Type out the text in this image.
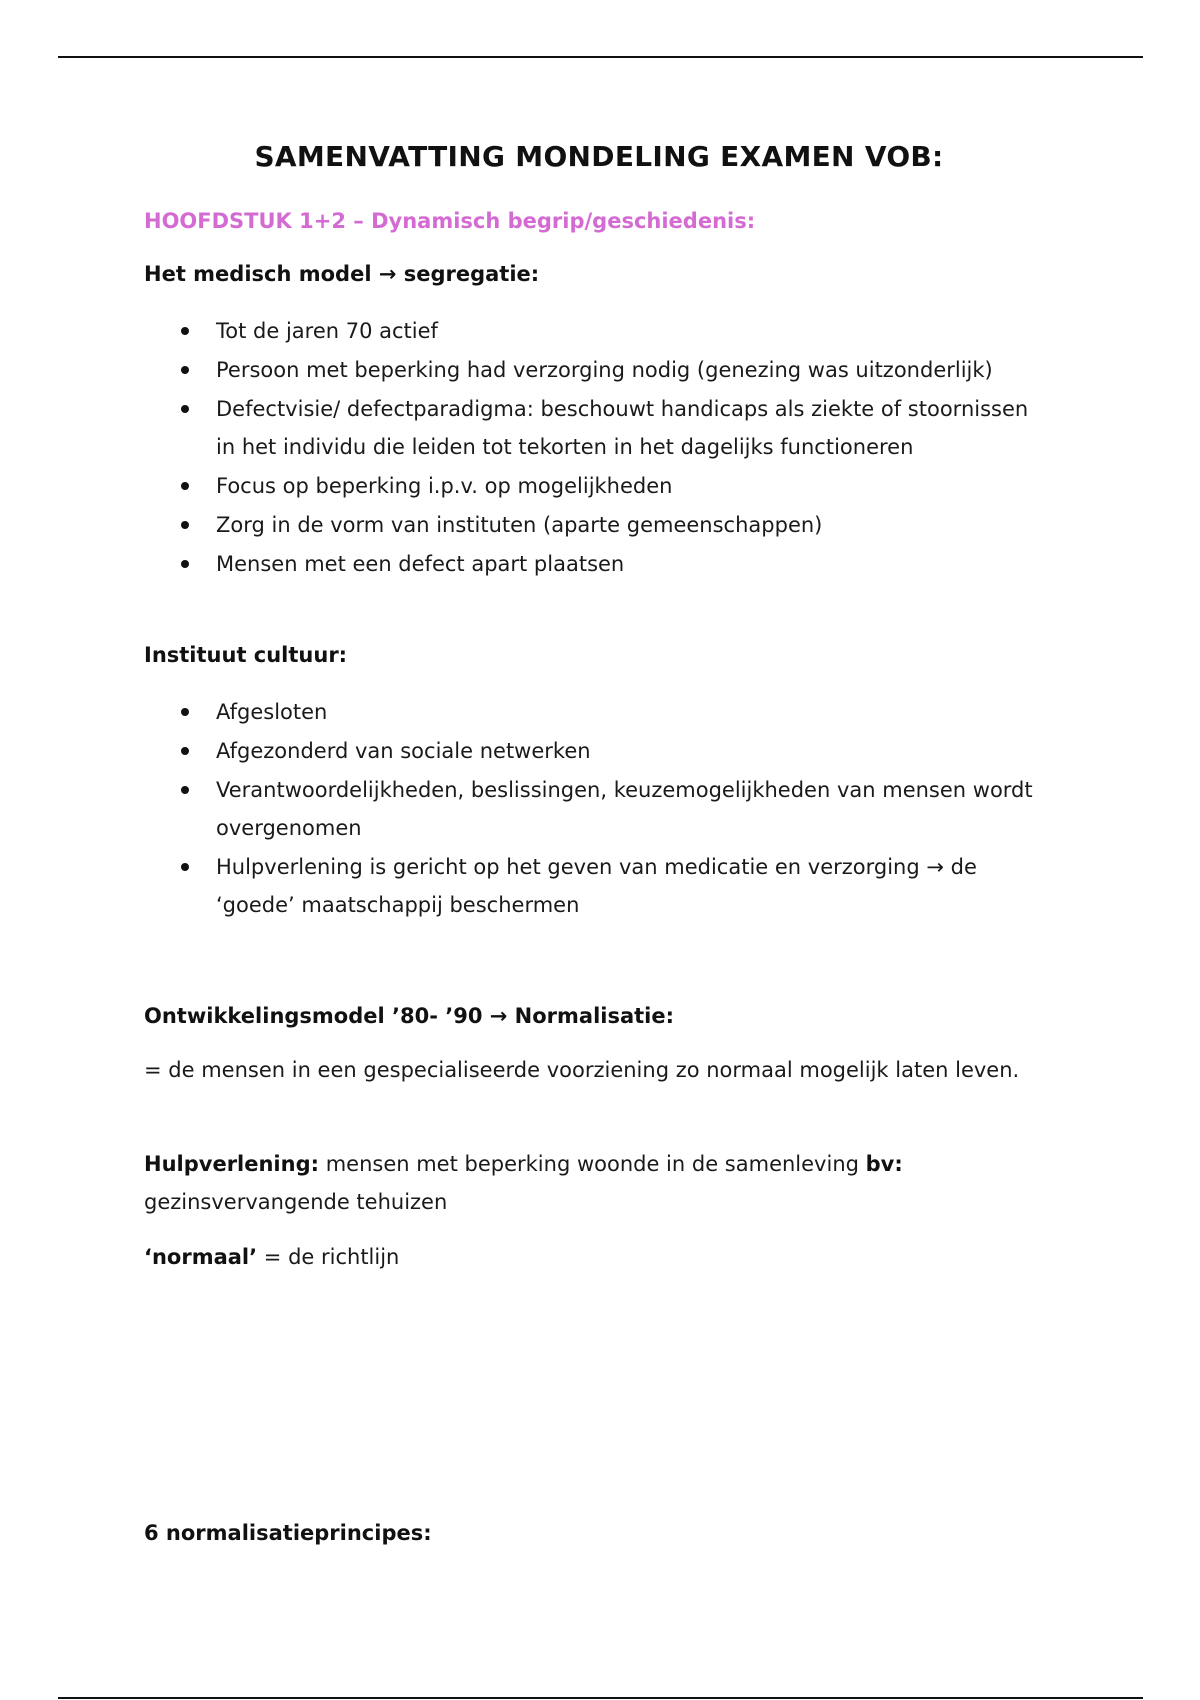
SAMENVATTING MONDELING EXAMEN VOB:
HOOFDSTUK 1+2 – Dynamisch begrip/geschiedenis:
Het medisch model → segregatie:
Tot de jaren 70 actief
Persoon met beperking had verzorging nodig (genezing was uitzonderlijk)
Defectvisie/ defectparadigma: beschouwt handicaps als ziekte of stoornissen in het individu die leiden tot tekorten in het dagelijks functioneren
Focus op beperking i.p.v. op mogelijkheden
Zorg in de vorm van instituten (aparte gemeenschappen)
Mensen met een defect apart plaatsen
Instituut cultuur:
Afgesloten
Afgezonderd van sociale netwerken
Verantwoordelijkheden, beslissingen, keuzemogelijkheden van mensen wordt overgenomen
Hulpverlening is gericht op het geven van medicatie en verzorging → de ‘goede’ maatschappij beschermen
Ontwikkelingsmodel ’80- ’90 → Normalisatie:
= de mensen in een gespecialiseerde voorziening zo normaal mogelijk laten leven.
Hulpverlening: mensen met beperking woonde in de samenleving bv: gezinsvervangende tehuizen
‘normaal’ = de richtlijn
6 normalisatieprincipes:
